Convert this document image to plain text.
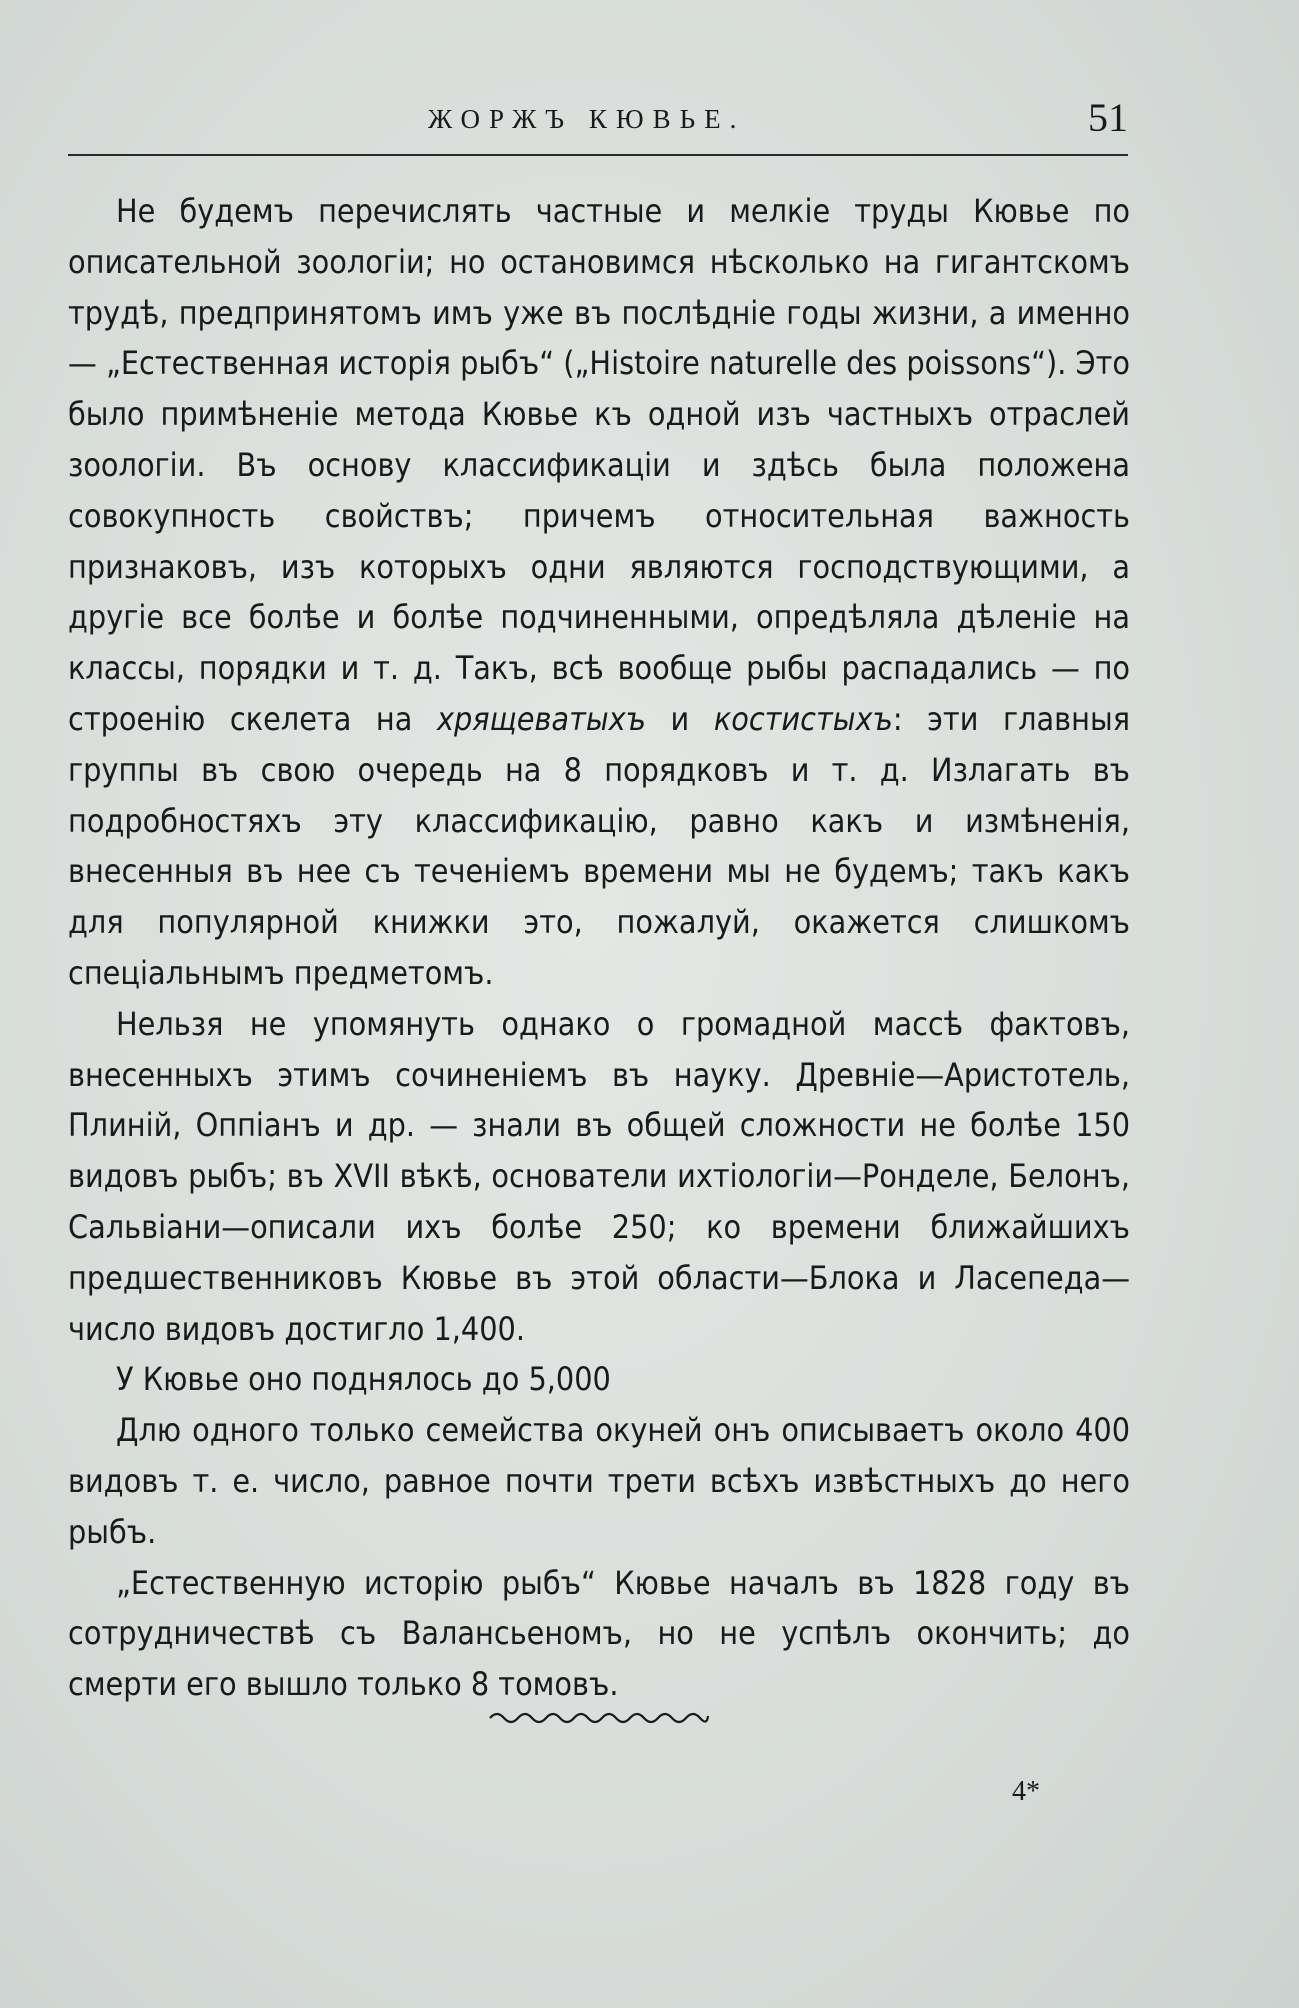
ЖОРЖЪ КЮВЬЕ.	51

Не будемъ перечислять частные и мелкіе труды Кювье по описательной зоологіи; но остановимся нѣсколько на гигантскомъ трудѣ, предпринятомъ имъ уже въ послѣдніе годы жизни, а именно — „Естественная исторія рыбъ“ („Histoire naturelle des poissons“). Это было примѣненіе метода Кювье къ одной изъ частныхъ отраслей зоологіи. Въ основу классификаціи и здѣсь была положена совокупность свойствъ; причемъ относительная важность признаковъ, изъ которыхъ одни являются господствующими, а другіе все болѣе и болѣе подчиненными, опредѣляла дѣленіе на классы, порядки и т. д. Такъ, всѣ вообще рыбы распадались — по строенію скелета на хрящеватыхъ и костистыхъ: эти главныя группы въ свою очередь на 8 порядковъ и т. д. Излагать въ подробностяхъ эту классификацію, равно какъ и измѣненія, внесенныя въ нее съ теченіемъ времени мы не будемъ; такъ какъ для популярной книжки это, пожалуй, окажется слишкомъ спеціальнымъ предметомъ.

Нельзя не упомянуть однако о громадной массѣ фактовъ, внесенныхъ этимъ сочиненіемъ въ науку. Древніе—Аристотель, Плиній, Оппіанъ и др. — знали въ общей сложности не болѣе 150 видовъ рыбъ; въ XVII вѣкѣ, основатели ихтіологіи—Ронделе, Белонъ, Сальвіани—описали ихъ болѣе 250; ко времени ближайшихъ предшественниковъ Кювье въ этой области—Блока и Ласепеда—число видовъ достигло 1,400.

У Кювье оно поднялось до 5,000

Длю одного только семейства окуней онъ описываетъ около 400 видовъ т. е. число, равное почти трети всѣхъ извѣстныхъ до него рыбъ.

„Естественную исторію рыбъ“ Кювье началъ въ 1828 году въ сотрудничествѣ съ Валансьеномъ, но не успѣлъ окончить; до смерти его вышло только 8 томовъ.

4*
